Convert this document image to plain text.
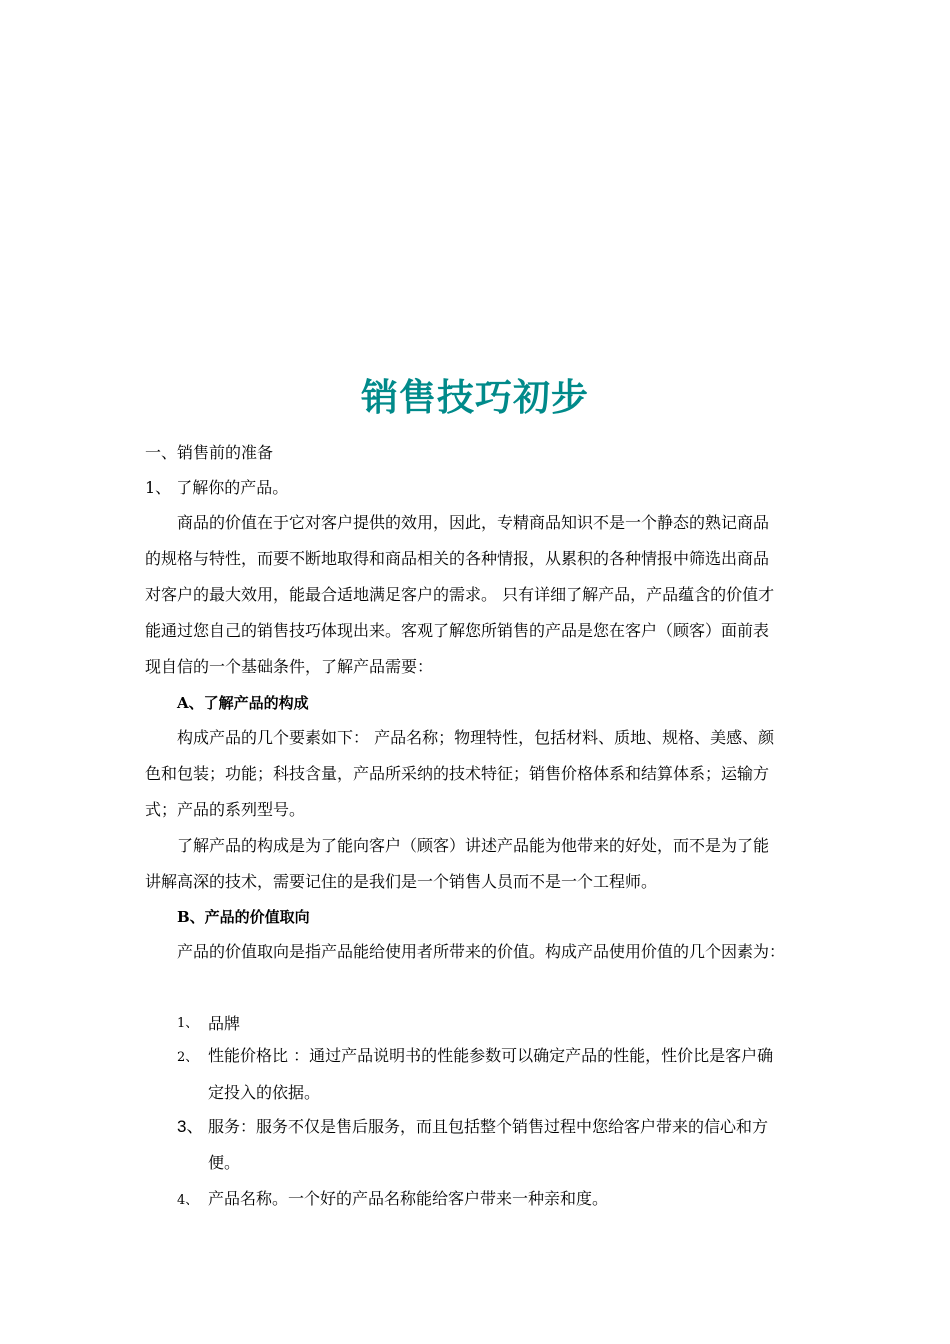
销售技巧初步
一、销售前的准备
1、 了解你的产品。
商品的价值在于它对客户提供的效用，因此，专精商品知识不是一个静态的熟记商品
的规格与特性，而要不断地取得和商品相关的各种情报，从累积的各种情报中筛选出商品
对客户的最大效用，能最合适地满足客户的需求。 只有详细了解产品，产品蕴含的价值才
能通过您自己的销售技巧体现出来。客观了解您所销售的产品是您在客户（顾客）面前表
现自信的一个基础条件，了解产品需要：
A、了解产品的构成
构成产品的几个要素如下： 产品名称；物理特性，包括材料、质地、规格、美感、颜
色和包装；功能；科技含量，产品所采纳的技术特征；销售价格体系和结算体系；运输方
式；产品的系列型号。
了解产品的构成是为了能向客户（顾客）讲述产品能为他带来的好处，而不是为了能
讲解高深的技术，需要记住的是我们是一个销售人员而不是一个工程师。
B、产品的价值取向
产品的价值取向是指产品能给使用者所带来的价值。构成产品使用价值的几个因素为：
1、 品牌
2、 性能价格比 ：通过产品说明书的性能参数可以确定产品的性能，性价比是客户确
定投入的依据。
3、 服务：服务不仅是售后服务，而且包括整个销售过程中您给客户带来的信心和方
便。
4、 产品名称。一个好的产品名称能给客户带来一种亲和度。
